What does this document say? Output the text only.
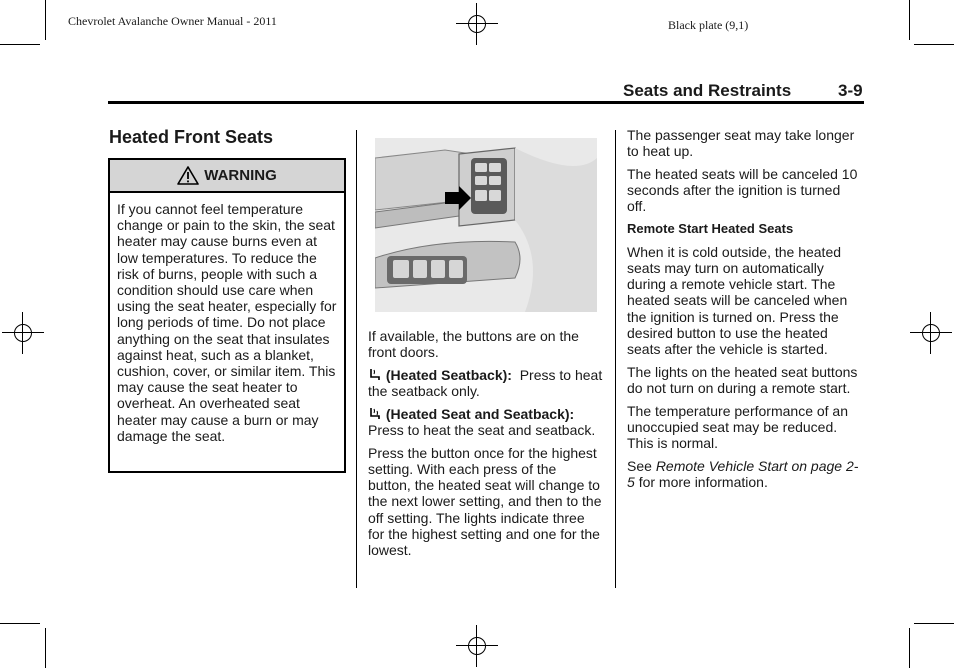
Chevrolet Avalanche Owner Manual - 2011	Black plate (9,1)
Seats and Restraints	3-9
Heated Front Seats
WARNING

If you cannot feel temperature change or pain to the skin, the seat heater may cause burns even at low temperatures. To reduce the risk of burns, people with such a condition should use care when using the seat heater, especially for long periods of time. Do not place anything on the seat that insulates against heat, such as a blanket, cushion, cover, or similar item. This may cause the seat heater to overheat. An overheated seat heater may cause a burn or may damage the seat.

If available, the buttons are on the front doors.

(Heated Seatback): Press to heat the seatback only.

(Heated Seat and Seatback): Press to heat the seat and seatback.

Press the button once for the highest setting. With each press of the button, the heated seat will change to the next lower setting, and then to the off setting. The lights indicate three for the highest setting and one for the lowest.

The passenger seat may take longer to heat up.

The heated seats will be canceled 10 seconds after the ignition is turned off.

Remote Start Heated Seats

When it is cold outside, the heated seats may turn on automatically during a remote vehicle start. The heated seats will be canceled when the ignition is turned on. Press the desired button to use the heated seats after the vehicle is started.

The lights on the heated seat buttons do not turn on during a remote start.

The temperature performance of an unoccupied seat may be reduced. This is normal.

See Remote Vehicle Start on page 2-5 for more information.
